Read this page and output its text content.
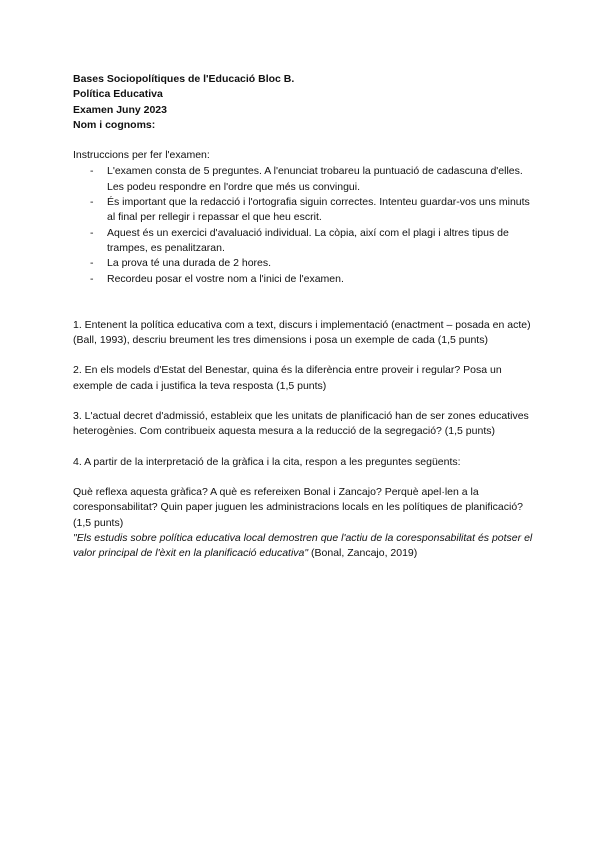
Bases Sociopolítiques de l'Educació Bloc B.
Política Educativa
Examen Juny 2023
Nom i cognoms:
Instruccions per fer l'examen:
- L'examen consta de 5 preguntes. A l'enunciat trobareu la puntuació de cadascuna d'elles. Les podeu respondre en l'ordre que més us convingui.
- És important que la redacció i l'ortografia siguin correctes. Intenteu guardar-vos uns minuts al final per rellegir i repassar el que heu escrit.
- Aquest és un exercici d'avaluació individual. La còpia, així com el plagi i altres tipus de trampes, es penalitzaran.
- La prova té una durada de 2 hores.
- Recordeu posar el vostre nom a l'inici de l'examen.

1. Entenent la política educativa com a text, discurs i implementació (enactment – posada en acte) (Ball, 1993), descriu breument les tres dimensions i posa un exemple de cada (1,5 punts)

2. En els models d'Estat del Benestar, quina és la diferència entre proveir i regular? Posa un exemple de cada i justifica la teva resposta (1,5 punts)

3. L'actual decret d'admissió, estableix que les unitats de planificació han de ser zones educatives heterogènies. Com contribueix aquesta mesura a la reducció de la segregació? (1,5 punts)

4. A partir de la interpretació de la gràfica i la cita, respon a les preguntes següents:

Què reflexa aquesta gràfica? A què es refereixen Bonal i Zancajo? Perquè apel·len a la coresponsabilitat? Quin paper juguen les administracions locals en les polítiques de planificació? (1,5 punts)
"Els estudis sobre política educativa local demostren que l'actiu de la coresponsabilitat és potser el valor principal de l'èxit en la planificació educativa" (Bonal, Zancajo, 2019)
